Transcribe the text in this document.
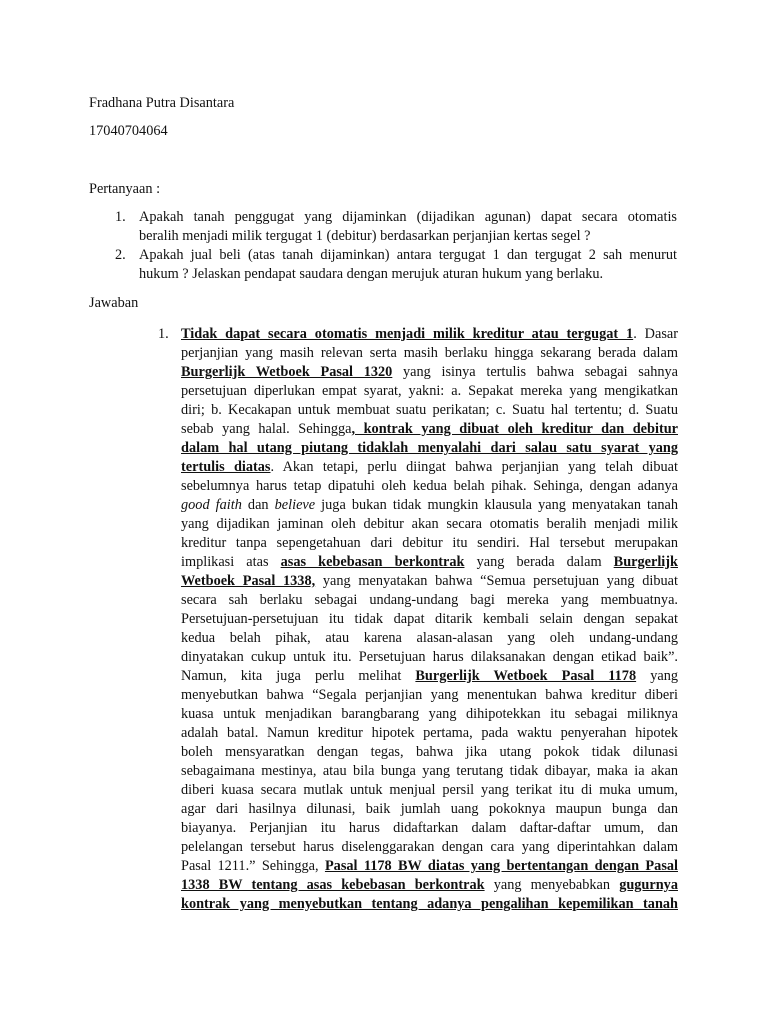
Fradhana Putra Disantara
17040704064
Pertanyaan :
1. Apakah tanah penggugat yang dijaminkan (dijadikan agunan) dapat secara otomatis
beralih menjadi milik tergugat 1 (debitur) berdasarkan perjanjian kertas segel ?
2. Apakah jual beli (atas tanah dijaminkan) antara tergugat 1 dan tergugat 2 sah menurut
hukum ? Jelaskan pendapat saudara dengan merujuk aturan hukum yang berlaku.
Jawaban
1. Tidak dapat secara otomatis menjadi milik kreditur atau tergugat 1. Dasar
perjanjian yang masih relevan serta masih berlaku hingga sekarang berada dalam
Burgerlijk Wetboek Pasal 1320 yang isinya tertulis bahwa sebagai sahnya
persetujuan diperlukan empat syarat, yakni: a. Sepakat mereka yang mengikatkan
diri; b. Kecakapan untuk membuat suatu perikatan; c. Suatu hal tertentu; d. Suatu
sebab yang halal. Sehingga, kontrak yang dibuat oleh kreditur dan debitur
dalam hal utang piutang tidaklah menyalahi dari salau satu syarat yang
tertulis diatas. Akan tetapi, perlu diingat bahwa perjanjian yang telah dibuat
sebelumnya harus tetap dipatuhi oleh kedua belah pihak. Sehinga, dengan adanya
good faith dan believe juga bukan tidak mungkin klausula yang menyatakan tanah
yang dijadikan jaminan oleh debitur akan secara otomatis beralih menjadi milik
kreditur tanpa sepengetahuan dari debitur itu sendiri. Hal tersebut merupakan
implikasi atas asas kebebasan berkontrak yang berada dalam Burgerlijk
Wetboek Pasal 1338, yang menyatakan bahwa “Semua persetujuan yang dibuat
secara sah berlaku sebagai undang-undang bagi mereka yang membuatnya.
Persetujuan-persetujuan itu tidak dapat ditarik kembali selain dengan sepakat
kedua belah pihak, atau karena alasan-alasan yang oleh undang-undang
dinyatakan cukup untuk itu. Persetujuan harus dilaksanakan dengan etikad baik”.
Namun, kita juga perlu melihat Burgerlijk Wetboek Pasal 1178 yang
menyebutkan bahwa “Segala perjanjian yang menentukan bahwa kreditur diberi
kuasa untuk menjadikan barangbarang yang dihipotekkan itu sebagai miliknya
adalah batal. Namun kreditur hipotek pertama, pada waktu penyerahan hipotek
boleh mensyaratkan dengan tegas, bahwa jika utang pokok tidak dilunasi
sebagaimana mestinya, atau bila bunga yang terutang tidak dibayar, maka ia akan
diberi kuasa secara mutlak untuk menjual persil yang terikat itu di muka umum,
agar dari hasilnya dilunasi, baik jumlah uang pokoknya maupun bunga dan
biayanya. Perjanjian itu harus didaftarkan dalam daftar-daftar umum, dan
pelelangan tersebut harus diselenggarakan dengan cara yang diperintahkan dalam
Pasal 1211.” Sehingga, Pasal 1178 BW diatas yang bertentangan dengan Pasal
1338 BW tentang asas kebebasan berkontrak yang menyebabkan gugurnya
kontrak yang menyebutkan tentang adanya pengalihan kepemilikan tanah
